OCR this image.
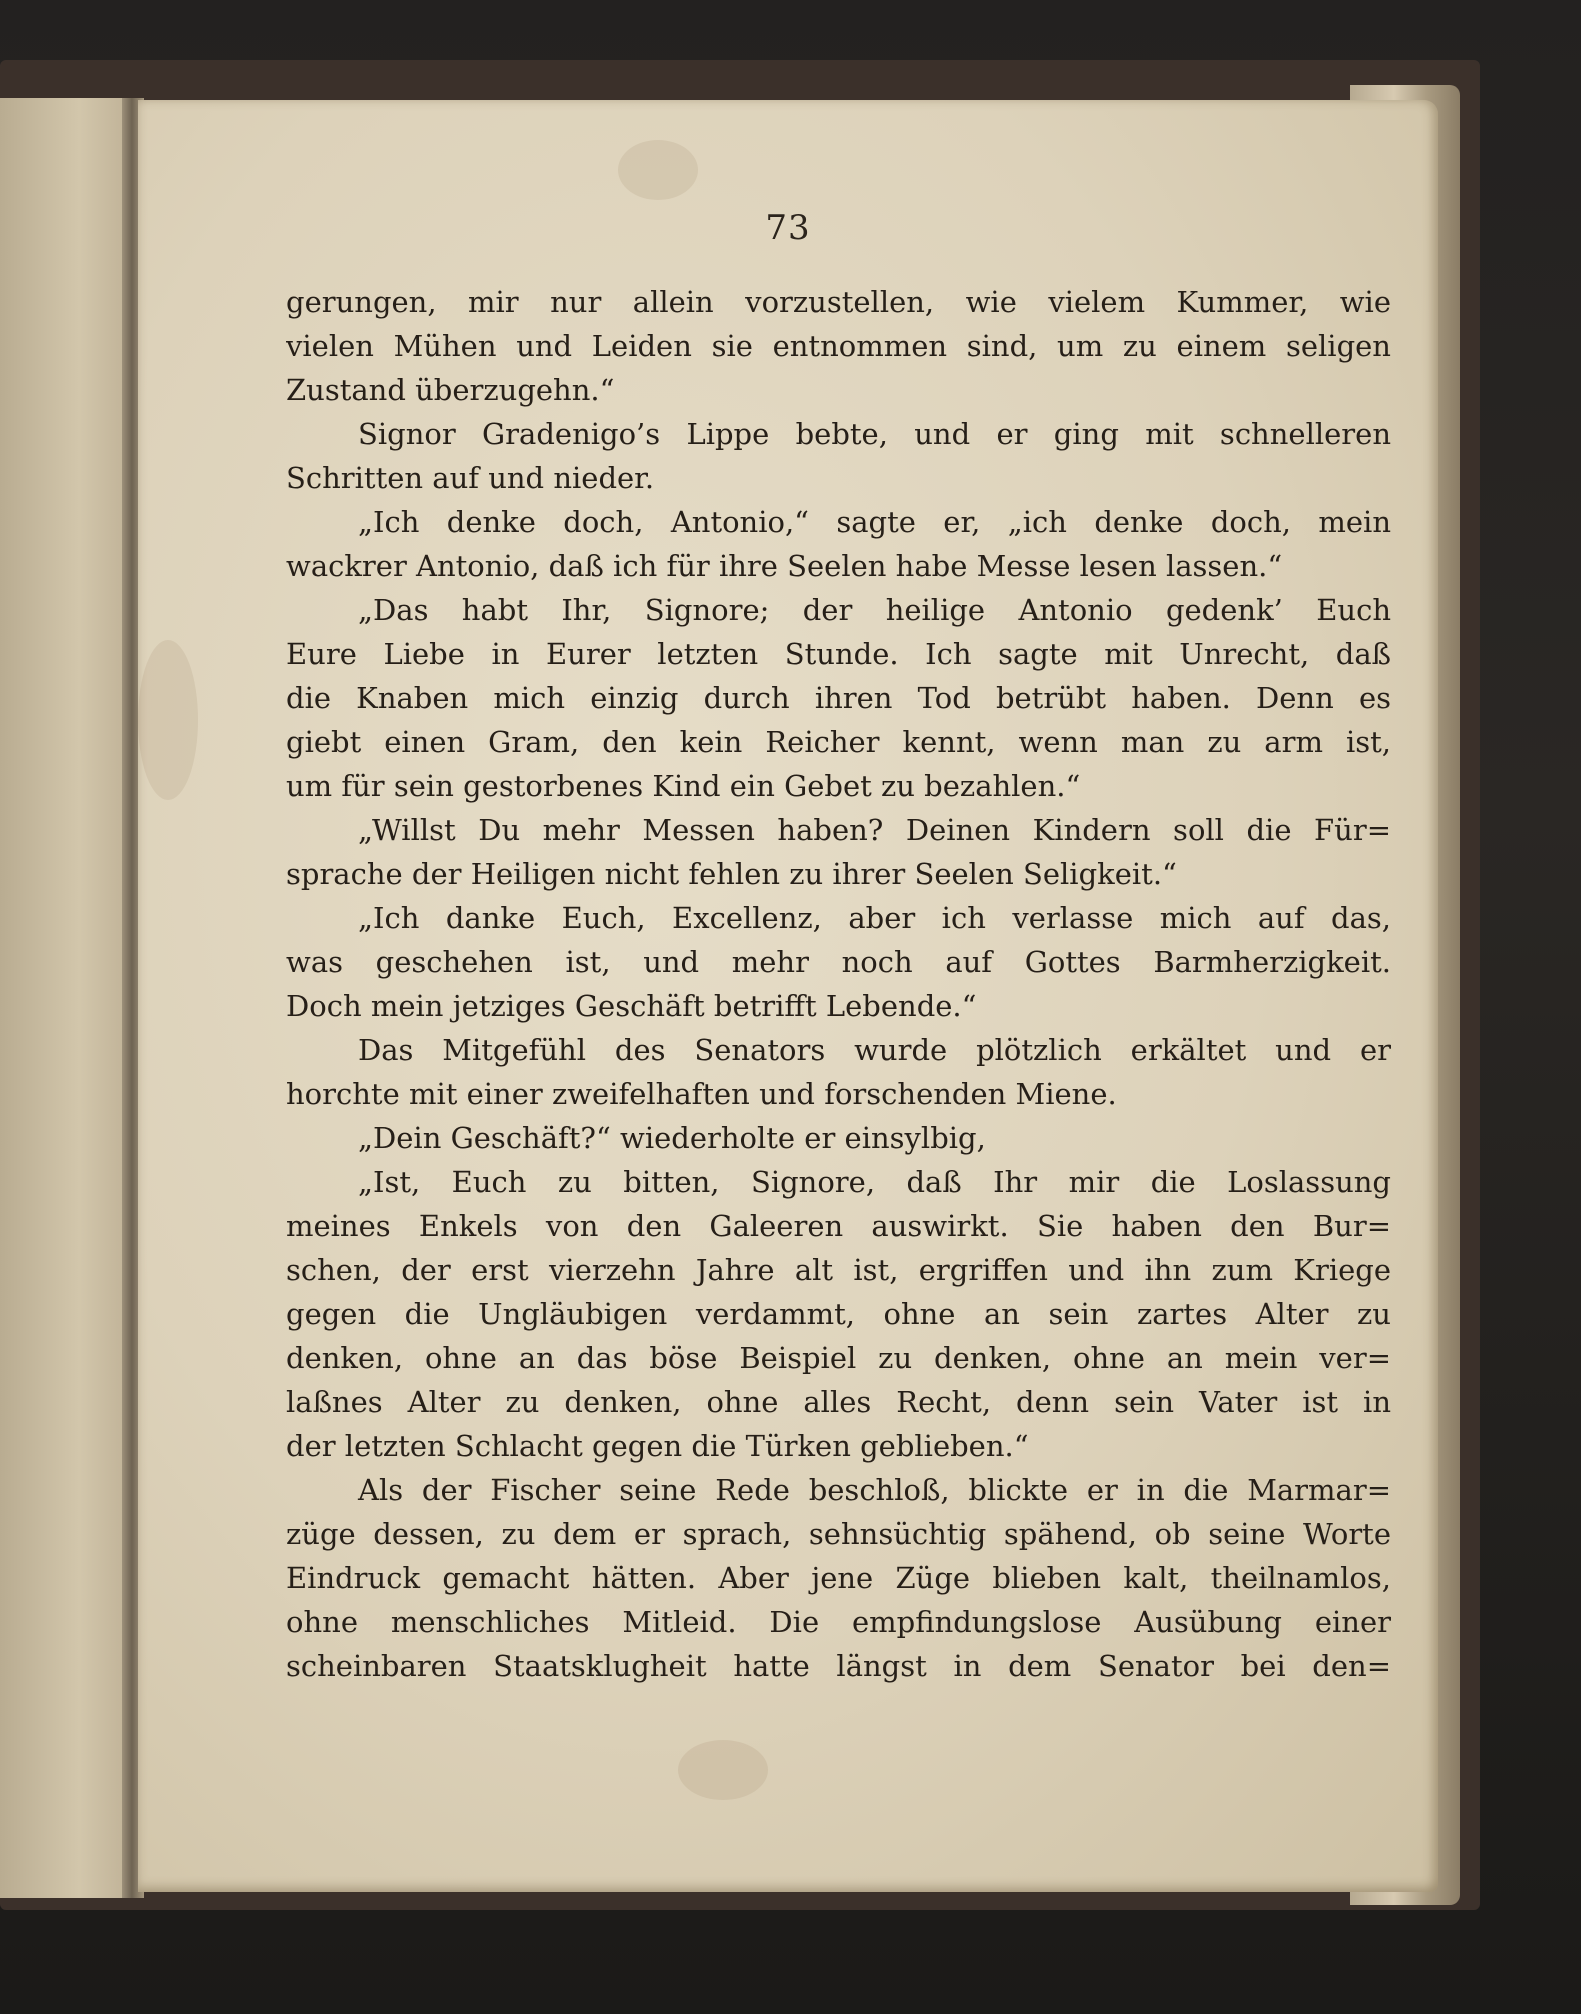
73
gerungen, mir nur allein vorzustellen, wie vielem Kummer, wie
vielen Mühen und Leiden sie entnommen sind, um zu einem seligen
Zustand überzugehn.“
Signor Gradenigo’s Lippe bebte, und er ging mit schnelleren
Schritten auf und nieder.
„Ich denke doch, Antonio,“ sagte er, „ich denke doch, mein
wackrer Antonio, daß ich für ihre Seelen habe Messe lesen lassen.“
„Das habt Ihr, Signore; der heilige Antonio gedenk’ Euch
Eure Liebe in Eurer letzten Stunde. Ich sagte mit Unrecht, daß
die Knaben mich einzig durch ihren Tod betrübt haben. Denn es
giebt einen Gram, den kein Reicher kennt, wenn man zu arm ist,
um für sein gestorbenes Kind ein Gebet zu bezahlen.“
„Willst Du mehr Messen haben? Deinen Kindern soll die Für=
sprache der Heiligen nicht fehlen zu ihrer Seelen Seligkeit.“
„Ich danke Euch, Excellenz, aber ich verlasse mich auf das,
was geschehen ist, und mehr noch auf Gottes Barmherzigkeit.
Doch mein jetziges Geschäft betrifft Lebende.“
Das Mitgefühl des Senators wurde plötzlich erkältet und er
horchte mit einer zweifelhaften und forschenden Miene.
„Dein Geschäft?“ wiederholte er einsylbig,
„Ist, Euch zu bitten, Signore, daß Ihr mir die Loslassung
meines Enkels von den Galeeren auswirkt. Sie haben den Bur=
schen, der erst vierzehn Jahre alt ist, ergriffen und ihn zum Kriege
gegen die Ungläubigen verdammt, ohne an sein zartes Alter zu
denken, ohne an das böse Beispiel zu denken, ohne an mein ver=
laßnes Alter zu denken, ohne alles Recht, denn sein Vater ist in
der letzten Schlacht gegen die Türken geblieben.“
Als der Fischer seine Rede beschloß, blickte er in die Marmar=
züge dessen, zu dem er sprach, sehnsüchtig spähend, ob seine Worte
Eindruck gemacht hätten. Aber jene Züge blieben kalt, theilnamlos,
ohne menschliches Mitleid. Die empfindungslose Ausübung einer
scheinbaren Staatsklugheit hatte längst in dem Senator bei den=
